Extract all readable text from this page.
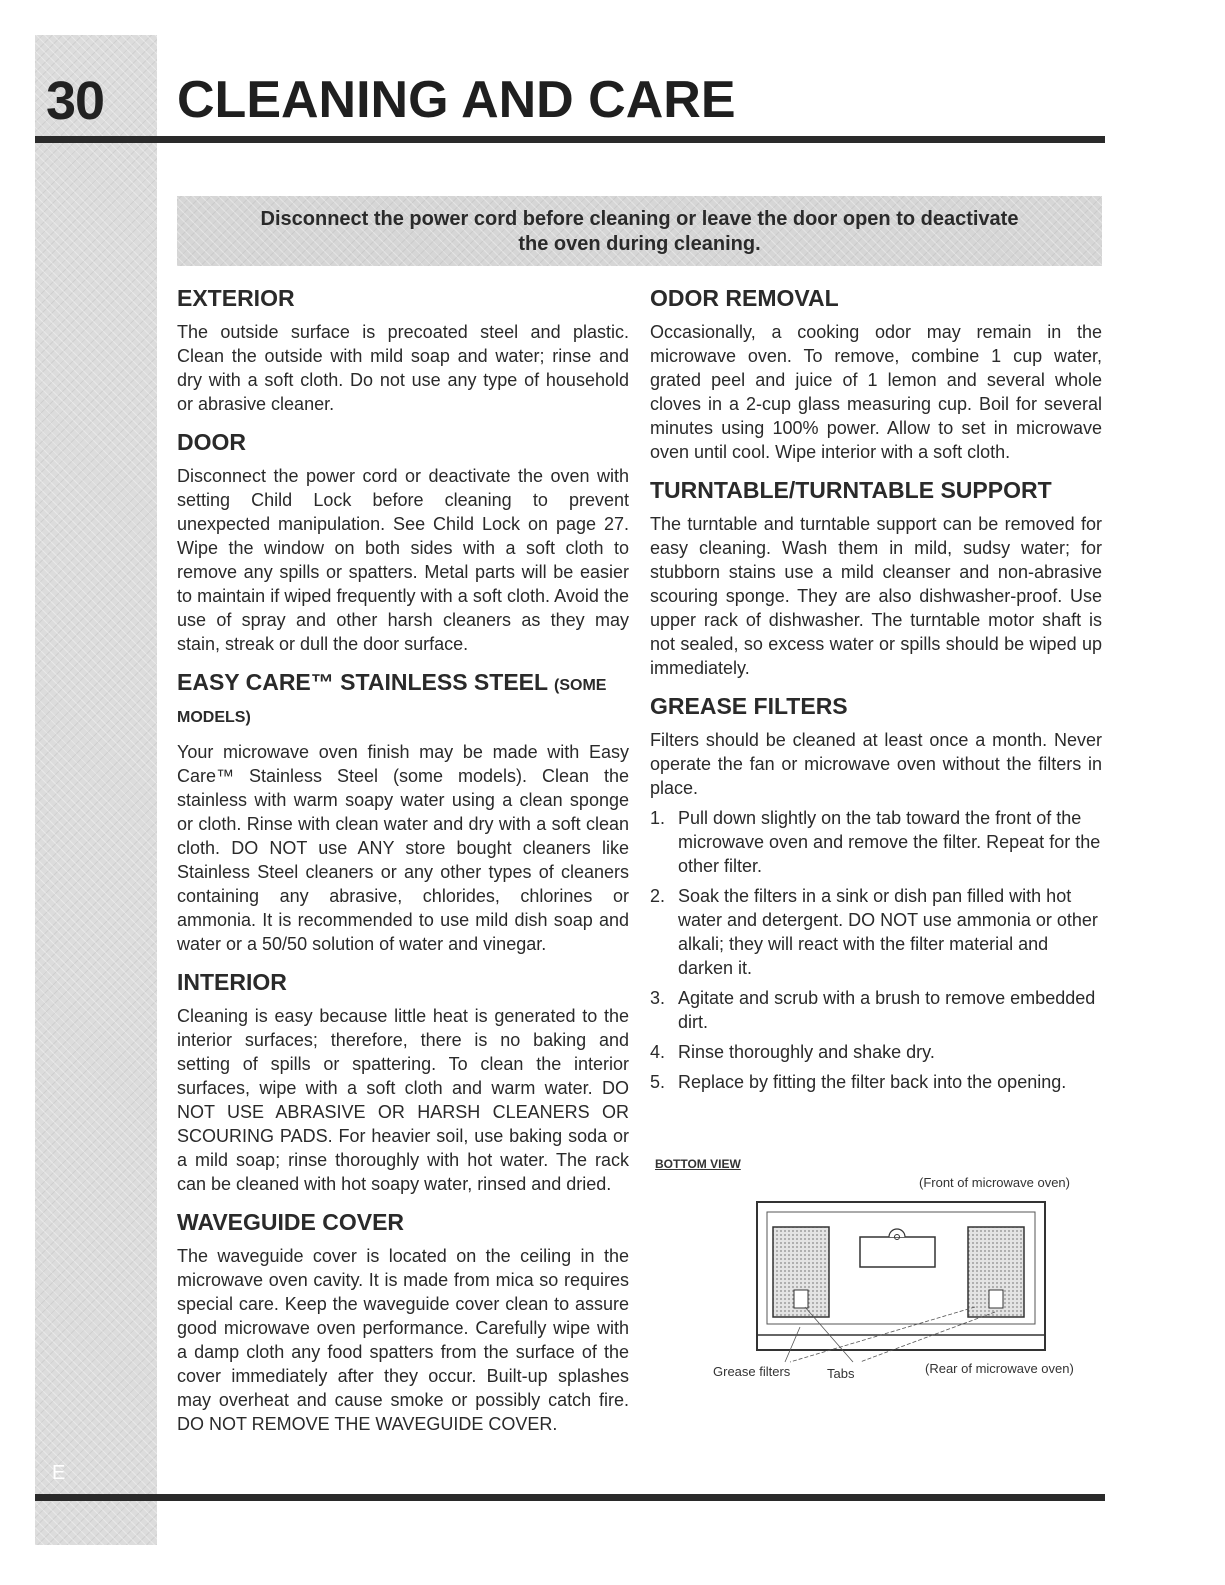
30	CLEANING AND CARE
Disconnect the power cord before cleaning or leave the door open to deactivate
the oven during cleaning.
EXTERIOR

The outside surface is precoated steel and plastic. Clean the outside with mild soap and water; rinse and dry with a soft cloth. Do not use any type of household or abrasive cleaner.

DOOR

Disconnect the power cord or deactivate the oven with setting Child Lock before cleaning to prevent unexpected manipulation. See Child Lock on page 27. Wipe the window on both sides with a soft cloth to remove any spills or spatters. Metal parts will be easier to maintain if wiped frequently with a soft cloth. Avoid the use of spray and other harsh cleaners as they may stain, streak or dull the door surface.

EASY CARE™ STAINLESS STEEL (SOME MODELS)

Your microwave oven finish may be made with Easy Care™ Stainless Steel (some models). Clean the stainless with warm soapy water using a clean sponge or cloth. Rinse with clean water and dry with a soft clean cloth. DO NOT use ANY store bought cleaners like Stainless Steel cleaners or any other types of cleaners containing any abrasive, chlorides, chlorines or ammonia. It is recommended to use mild dish soap and water or a 50/50 solution of water and vinegar.

INTERIOR

Cleaning is easy because little heat is generated to the interior surfaces; therefore, there is no baking and setting of spills or spattering. To clean the interior surfaces, wipe with a soft cloth and warm water. DO NOT USE ABRASIVE OR HARSH CLEANERS OR SCOURING PADS. For heavier soil, use baking soda or a mild soap; rinse thoroughly with hot water. The rack can be cleaned with hot soapy water, rinsed and dried.

WAVEGUIDE COVER

The waveguide cover is located on the ceiling in the microwave oven cavity. It is made from mica so requires special care. Keep the waveguide cover clean to assure good microwave oven performance. Carefully wipe with a damp cloth any food spatters from the surface of the cover immediately after they occur. Built-up splashes may overheat and cause smoke or possibly catch fire. DO NOT REMOVE THE WAVEGUIDE COVER.

ODOR REMOVAL

Occasionally, a cooking odor may remain in the microwave oven. To remove, combine 1 cup water, grated peel and juice of 1 lemon and several whole cloves in a 2-cup glass measuring cup. Boil for several minutes using 100% power. Allow to set in microwave oven until cool. Wipe interior with a soft cloth.

TURNTABLE/TURNTABLE SUPPORT

The turntable and turntable support can be removed for easy cleaning. Wash them in mild, sudsy water; for stubborn stains use a mild cleanser and non-abrasive scouring sponge. They are also dishwasher-proof. Use upper rack of dishwasher. The turntable motor shaft is not sealed, so excess water or spills should be wiped up immediately.

GREASE FILTERS

Filters should be cleaned at least once a month. Never operate the fan or microwave oven without the filters in place.

1. Pull down slightly on the tab toward the front of the microwave oven and remove the filter. Repeat for the other filter.
2. Soak the filters in a sink or dish pan filled with hot water and detergent. DO NOT use ammonia or other alkali; they will react with the filter material and darken it.
3. Agitate and scrub with a brush to remove embedded dirt.
4. Rinse thoroughly and shake dry.
5. Replace by fitting the filter back into the opening.
BOTTOM VIEW
(Front of microwave oven)
Grease filters	Tabs	(Rear of microwave oven)
E
